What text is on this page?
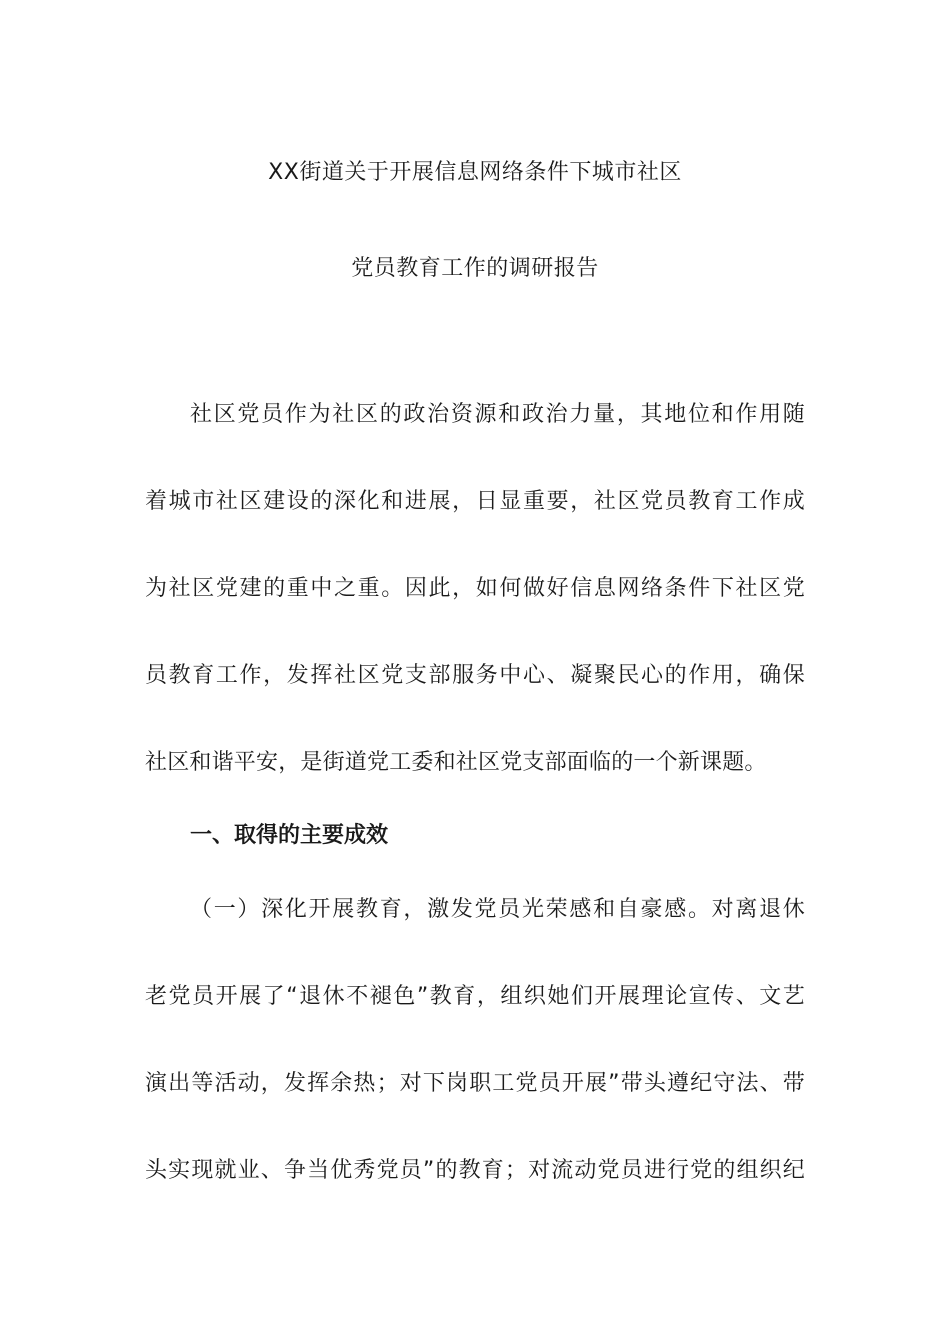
XX街道关于开展信息网络条件下城市社区
党员教育工作的调研报告
社区党员作为社区的政治资源和政治力量，其地位和作用随
着城市社区建设的深化和进展，日显重要，社区党员教育工作成
为社区党建的重中之重。因此，如何做好信息网络条件下社区党
员教育工作，发挥社区党支部服务中心、凝聚民心的作用，确保
社区和谐平安，是街道党工委和社区党支部面临的一个新课题。
一、取得的主要成效
（一）深化开展教育，激发党员光荣感和自豪感。对离退休
老党员开展了“退休不褪色”教育，组织她们开展理论宣传、文艺
演出等活动，发挥余热；对下岗职工党员开展”带头遵纪守法、带
头实现就业、争当优秀党员”的教育；对流动党员进行党的组织纪
